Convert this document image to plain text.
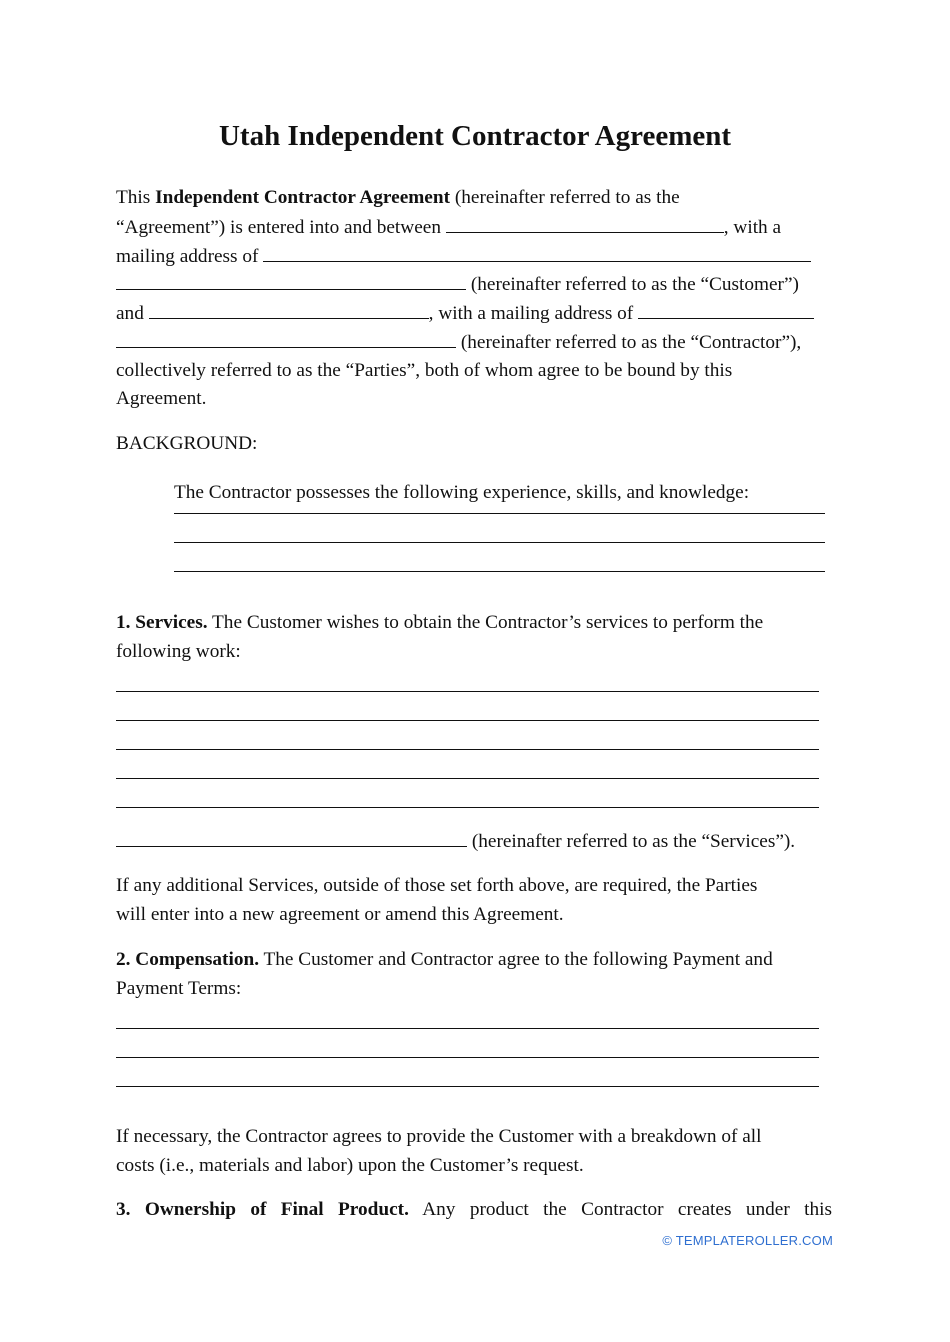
Utah Independent Contractor Agreement
This Independent Contractor Agreement (hereinafter referred to as the
“Agreement”) is entered into and between	, with a
mailing address of
(hereinafter referred to as the “Customer”)
and	, with a mailing address of
(hereinafter referred to as the “Contractor”),
collectively referred to as the “Parties”, both of whom agree to be bound by this
Agreement.
BACKGROUND:
The Contractor possesses the following experience, skills, and knowledge:
1. Services. The Customer wishes to obtain the Contractor’s services to perform the
following work:
(hereinafter referred to as the “Services”).
If any additional Services, outside of those set forth above, are required, the Parties
will enter into a new agreement or amend this Agreement.
2. Compensation. The Customer and Contractor agree to the following Payment and
Payment Terms:
If necessary, the Contractor agrees to provide the Customer with a breakdown of all
costs (i.e., materials and labor) upon the Customer’s request.
3. Ownership of Final Product. Any product the Contractor creates under this
© TEMPLATEROLLER.COM
